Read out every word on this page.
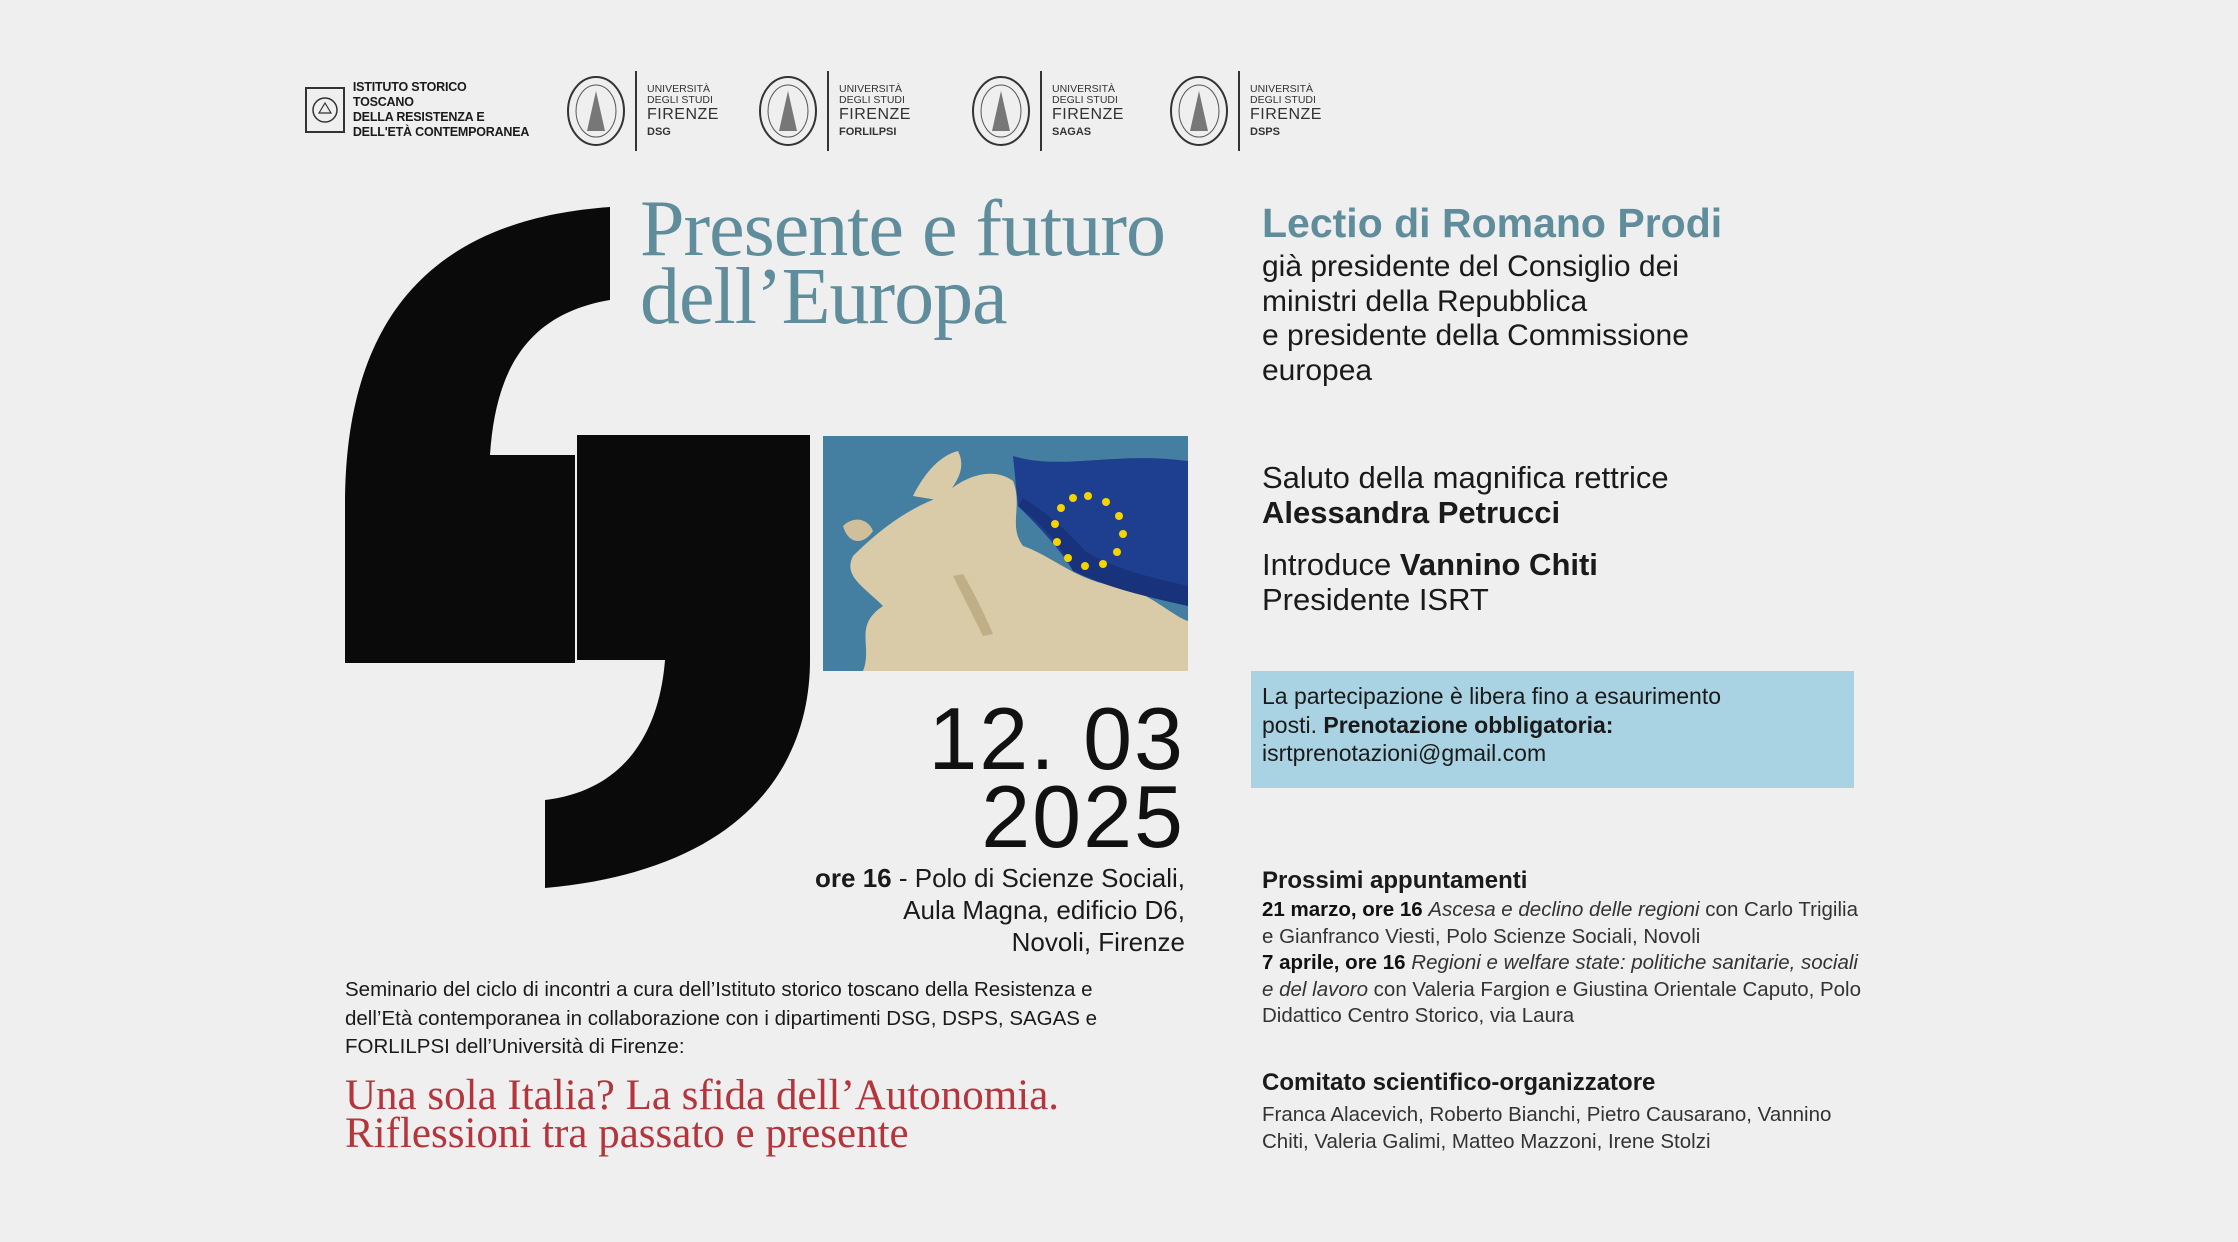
ISTITUTO STORICO TOSCANO
DELLA RESISTENZA E
DELL'ETÀ CONTEMPORANEA
UNIVERSITÀ
DEGLI STUDI
FIRENZE
DSG
UNIVERSITÀ
DEGLI STUDI
FIRENZE
FORLILPSI
UNIVERSITÀ
DEGLI STUDI
FIRENZE
SAGAS
UNIVERSITÀ
DEGLI STUDI
FIRENZE
DSPS
Presente e futuro
dell’Europa
12. 03
2025
ore 16 - Polo di Scienze Sociali,
Aula Magna, edificio D6,
Novoli, Firenze
Seminario del ciclo di incontri a cura dell’Istituto storico toscano della Resistenza e dell’Età contemporanea in collaborazione con i dipartimenti DSG, DSPS, SAGAS e FORLILPSI dell’Università di Firenze:
Una sola Italia? La sfida dell’Autonomia.
Riflessioni tra passato e presente
Lectio di Romano Prodi
già presidente del Consiglio dei
ministri della Repubblica
e presidente della Commissione
europea
Saluto della magnifica rettrice
Alessandra Petrucci
Introduce Vannino Chiti
Presidente ISRT
La partecipazione è libera fino a esaurimento
posti. Prenotazione obbligatoria:
isrtprenotazioni@gmail.com
Prossimi appuntamenti
21 marzo, ore 16 Ascesa e declino delle regioni con Carlo Trigilia e Gianfranco Viesti, Polo Scienze Sociali, Novoli
7 aprile, ore 16 Regioni e welfare state: politiche sanitarie, sociali e del lavoro con Valeria Fargion e Giustina Orientale Caputo, Polo Didattico Centro Storico, via Laura
Comitato scientifico-organizzatore
Franca Alacevich, Roberto Bianchi, Pietro Causarano, Vannino Chiti, Valeria Galimi, Matteo Mazzoni, Irene Stolzi
